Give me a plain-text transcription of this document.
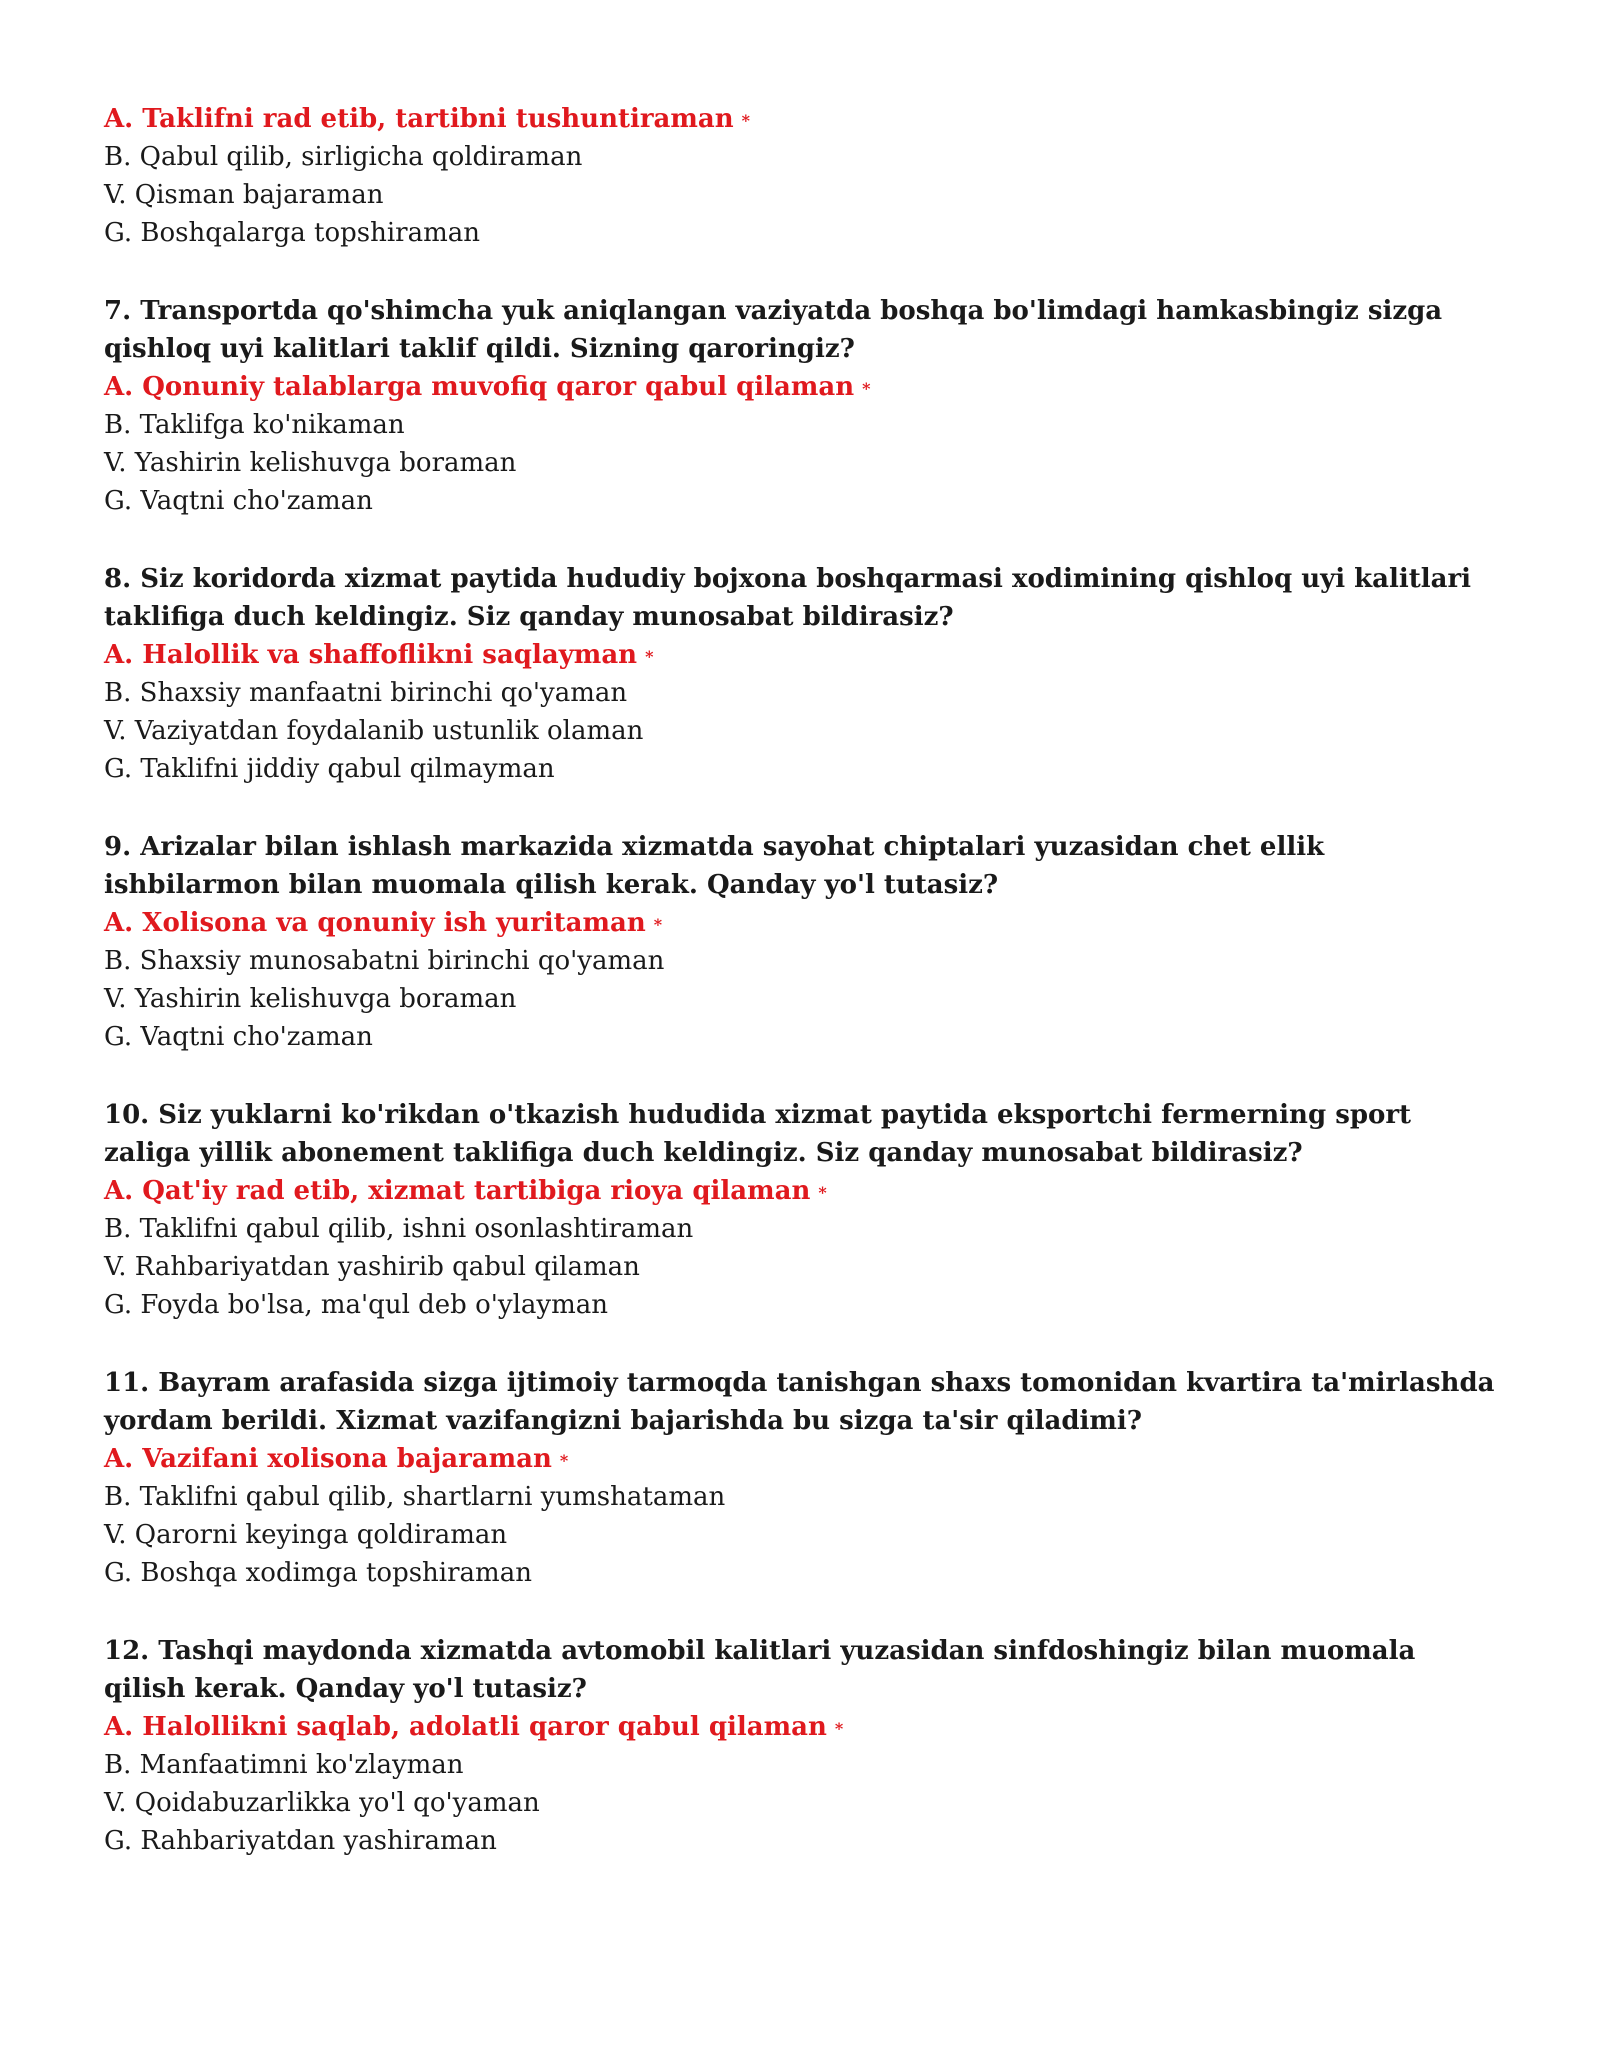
A. Taklifni rad etib, tartibni tushuntiraman *

B. Qabul qilib, sirligicha qoldiraman

V. Qisman bajaraman

G. Boshqalarga topshiraman

7. Transportda qo'shimcha yuk aniqlangan vaziyatda boshqa bo'limdagi hamkasbingiz sizga qishloq uyi kalitlari taklif qildi. Sizning qaroringiz?

A. Qonuniy talablarga muvofiq qaror qabul qilaman *

B. Taklifga ko'nikaman

V. Yashirin kelishuvga boraman

G. Vaqtni cho'zaman

8. Siz koridorda xizmat paytida hududiy bojxona boshqarmasi xodimining qishloq uyi kalitlari taklifiga duch keldingiz. Siz qanday munosabat bildirasiz?

A. Halollik va shaffoflikni saqlayman *

B. Shaxsiy manfaatni birinchi qo'yaman

V. Vaziyatdan foydalanib ustunlik olaman

G. Taklifni jiddiy qabul qilmayman

9. Arizalar bilan ishlash markazida xizmatda sayohat chiptalari yuzasidan chet ellik ishbilarmon bilan muomala qilish kerak. Qanday yo'l tutasiz?

A. Xolisona va qonuniy ish yuritaman *

B. Shaxsiy munosabatni birinchi qo'yaman

V. Yashirin kelishuvga boraman

G. Vaqtni cho'zaman

10. Siz yuklarni ko'rikdan o'tkazish hududida xizmat paytida eksportchi fermerning sport zaliga yillik abonement taklifiga duch keldingiz. Siz qanday munosabat bildirasiz?

A. Qat'iy rad etib, xizmat tartibiga rioya qilaman *

B. Taklifni qabul qilib, ishni osonlashtiraman

V. Rahbariyatdan yashirib qabul qilaman

G. Foyda bo'lsa, ma'qul deb o'ylayman

11. Bayram arafasida sizga ijtimoiy tarmoqda tanishgan shaxs tomonidan kvartira ta'mirlashda yordam berildi. Xizmat vazifangizni bajarishda bu sizga ta'sir qiladimi?

A. Vazifani xolisona bajaraman *

B. Taklifni qabul qilib, shartlarni yumshataman

V. Qarorni keyinga qoldiraman

G. Boshqa xodimga topshiraman

12. Tashqi maydonda xizmatda avtomobil kalitlari yuzasidan sinfdoshingiz bilan muomala qilish kerak. Qanday yo'l tutasiz?

A. Halollikni saqlab, adolatli qaror qabul qilaman *

B. Manfaatimni ko'zlayman

V. Qoidabuzarlikka yo'l qo'yaman

G. Rahbariyatdan yashiraman
